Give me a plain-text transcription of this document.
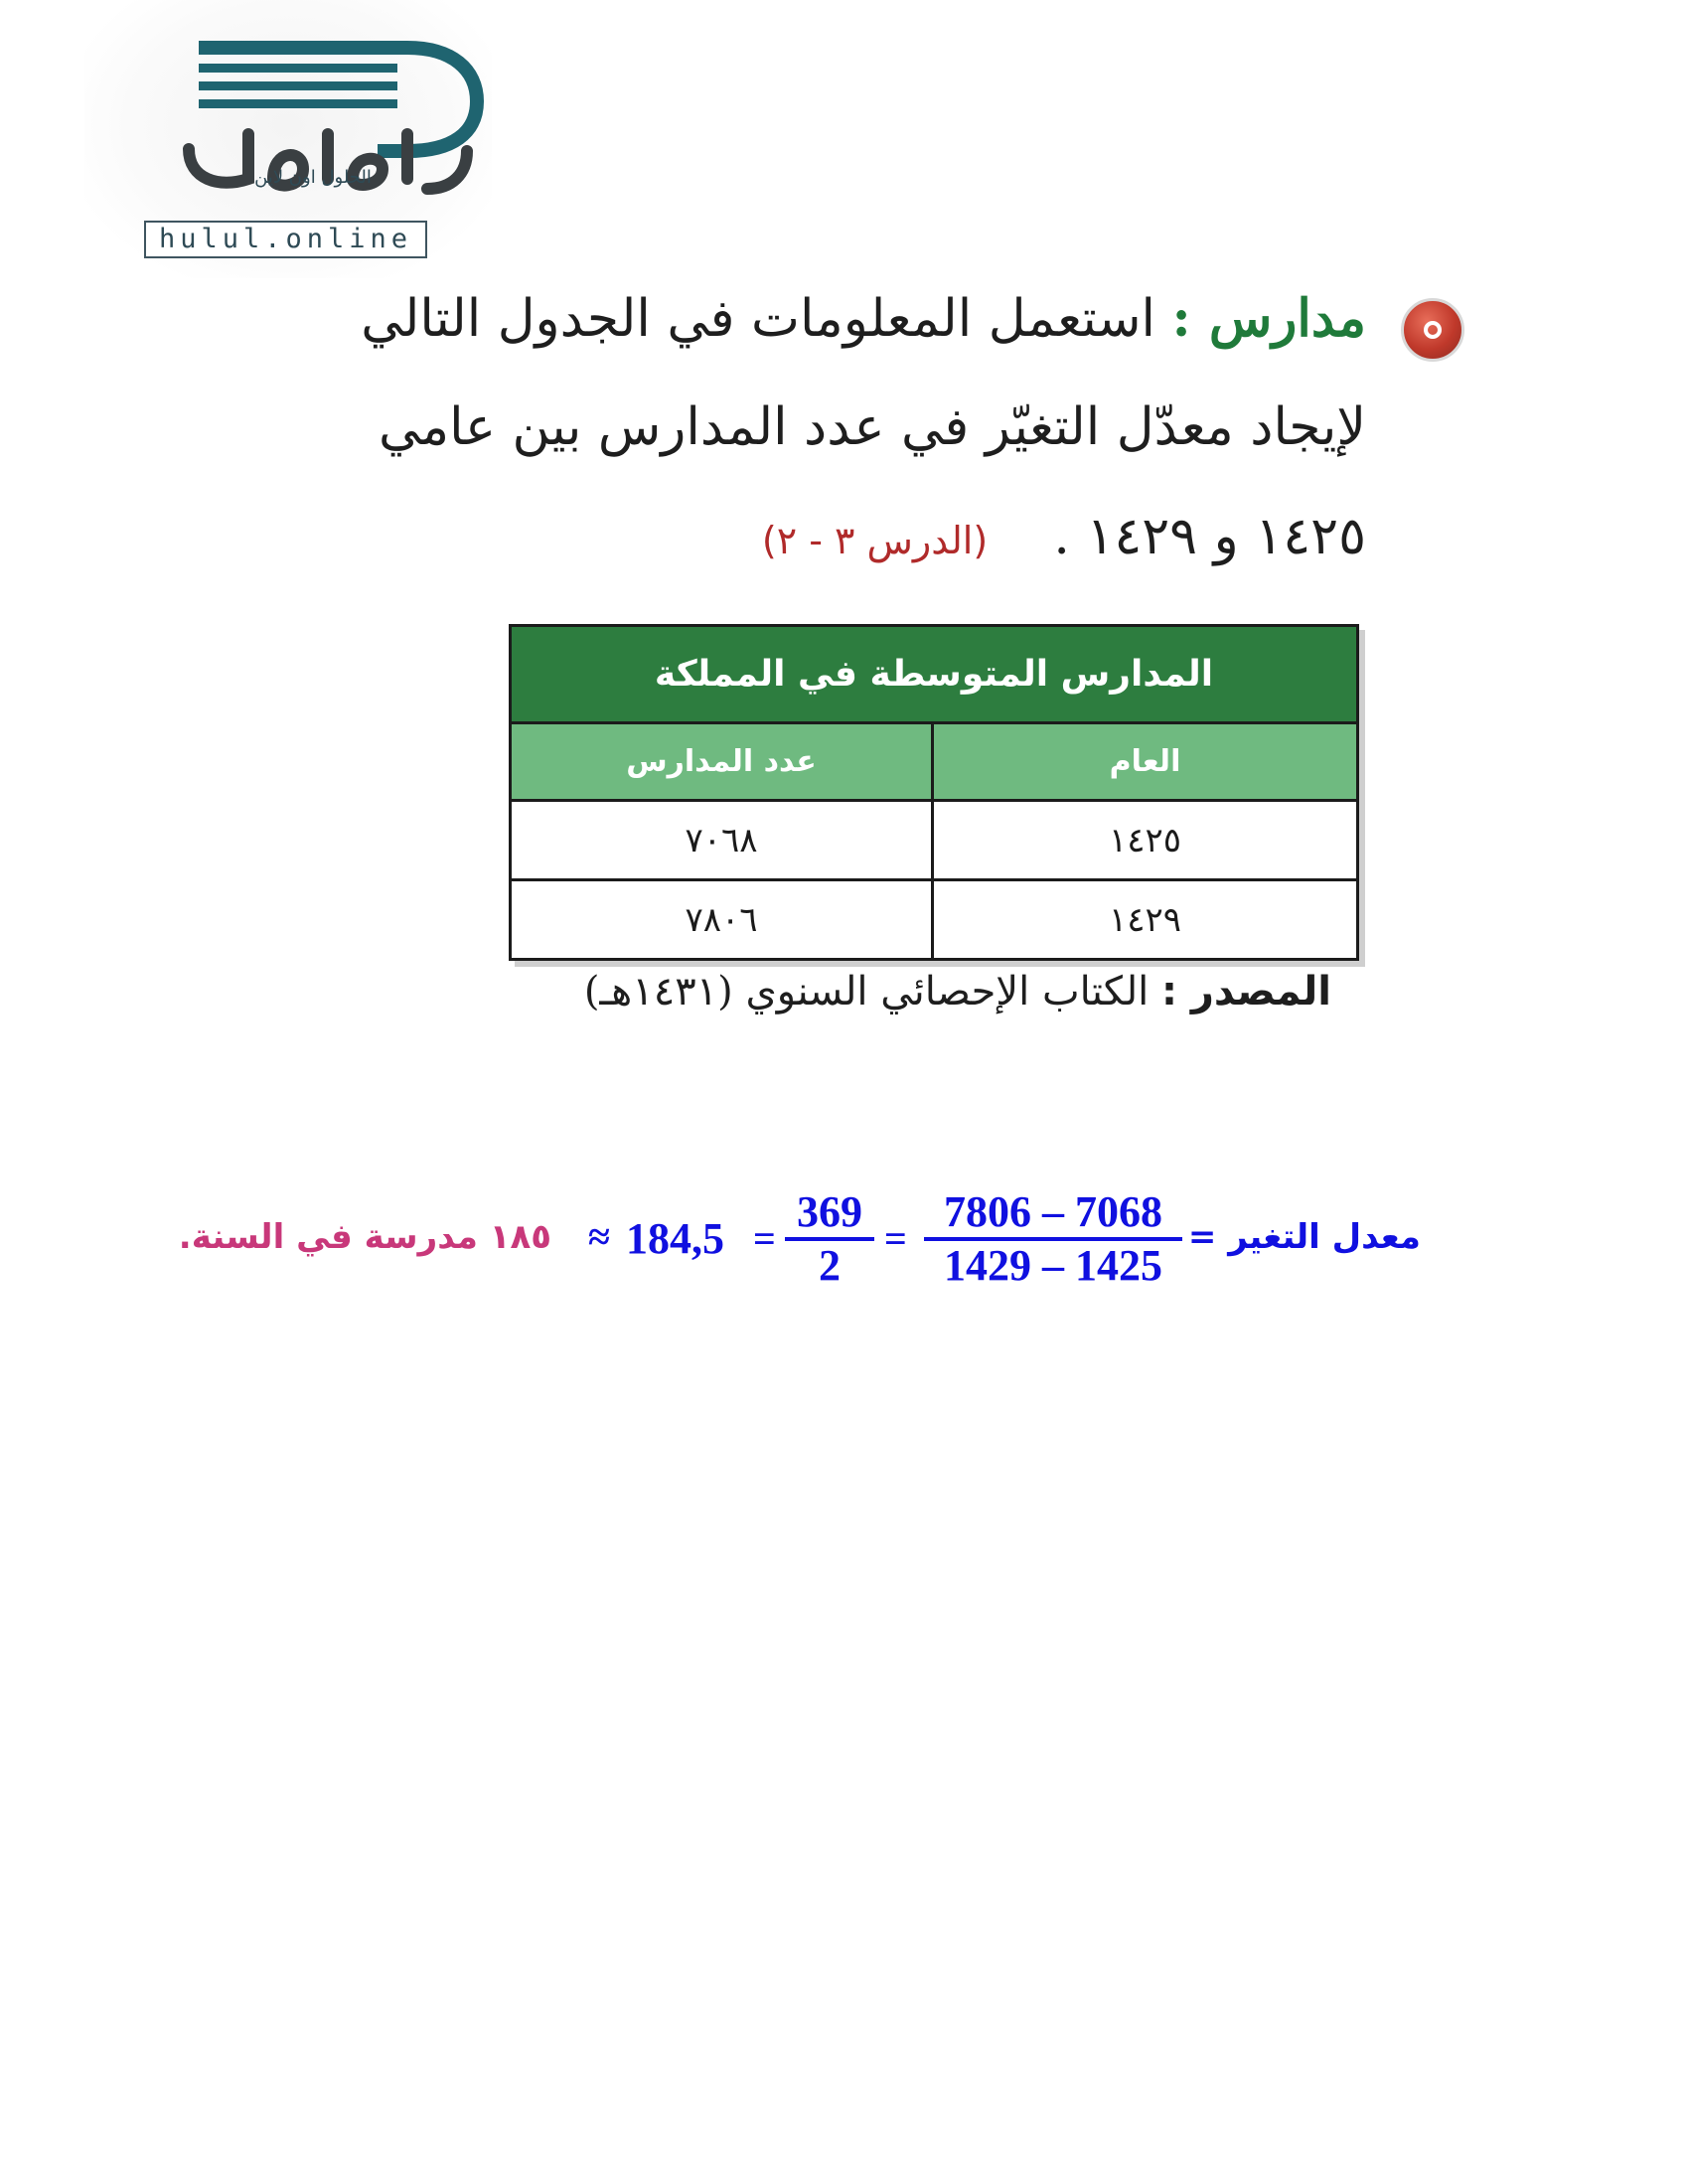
الحلول اون لاين
hulul.online
مدارس : استعمل المعلومات في الجدول التالي
لإيجاد معدّل التغيّر في عدد المدارس بين عامي
١٤٢٥ و ١٤٢٩ .    (الدرس ٣ - ٢)
المدارس المتوسطة في المملكة
عدد المدارس	العام
٧٠٦٨	١٤٢٥
٧٨٠٦	١٤٢٩
المصدر : الكتاب الإحصائي السنوي (١٤٣١هـ)
معدل التغير =
$\frac{7806 - 7068}{1429 - 1425}$
=
$\frac{369}{2}$
=
184,5
≈
١٨٥ مدرسة في السنة.
